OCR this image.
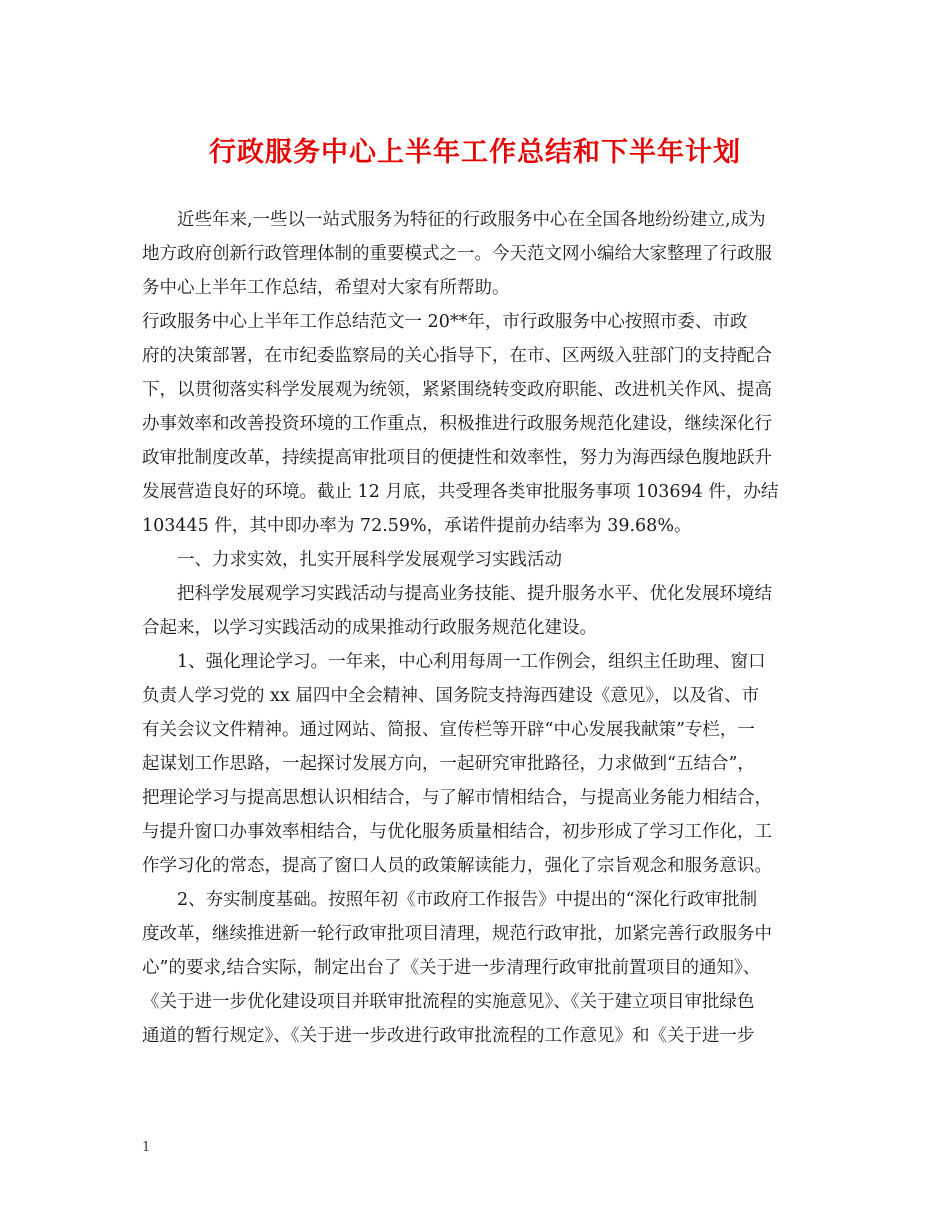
行政服务中心上半年工作总结和下半年计划
近些年来,一些以一站式服务为特征的行政服务中心在全国各地纷纷建立,成为
地方政府创新行政管理体制的重要模式之一。今天范文网小编给大家整理了行政服
务中心上半年工作总结，希望对大家有所帮助。
行政服务中心上半年工作总结范文一 20**年，市行政服务中心按照市委、市政
府的决策部署，在市纪委监察局的关心指导下，在市、区两级入驻部门的支持配合
下，以贯彻落实科学发展观为统领，紧紧围绕转变政府职能、改进机关作风、提高
办事效率和改善投资环境的工作重点，积极推进行政服务规范化建设，继续深化行
政审批制度改革，持续提高审批项目的便捷性和效率性，努力为海西绿色腹地跃升
发展营造良好的环境。截止 12 月底，共受理各类审批服务事项 103694 件，办结
103445 件，其中即办率为 72.59%，承诺件提前办结率为 39.68%。
一、力求实效，扎实开展科学发展观学习实践活动
把科学发展观学习实践活动与提高业务技能、提升服务水平、优化发展环境结
合起来，以学习实践活动的成果推动行政服务规范化建设。
1、强化理论学习。一年来，中心利用每周一工作例会，组织主任助理、窗口
负责人学习党的 xx 届四中全会精神、国务院支持海西建设《意见》，以及省、市
有关会议文件精神。通过网站、简报、宣传栏等开辟“中心发展我献策”专栏，一
起谋划工作思路，一起探讨发展方向，一起研究审批路径，力求做到“五结合”，
把理论学习与提高思想认识相结合，与了解市情相结合，与提高业务能力相结合，
与提升窗口办事效率相结合，与优化服务质量相结合，初步形成了学习工作化，工
作学习化的常态，提高了窗口人员的政策解读能力，强化了宗旨观念和服务意识。
2、夯实制度基础。按照年初《市政府工作报告》中提出的“深化行政审批制
度改革，继续推进新一轮行政审批项目清理，规范行政审批，加紧完善行政服务中
心”的要求,结合实际，制定出台了《关于进一步清理行政审批前置项目的通知》、
《关于进一步优化建设项目并联审批流程的实施意见》、《关于建立项目审批绿色
通道的暂行规定》、《关于进一步改进行政审批流程的工作意见》和《关于进一步
1
